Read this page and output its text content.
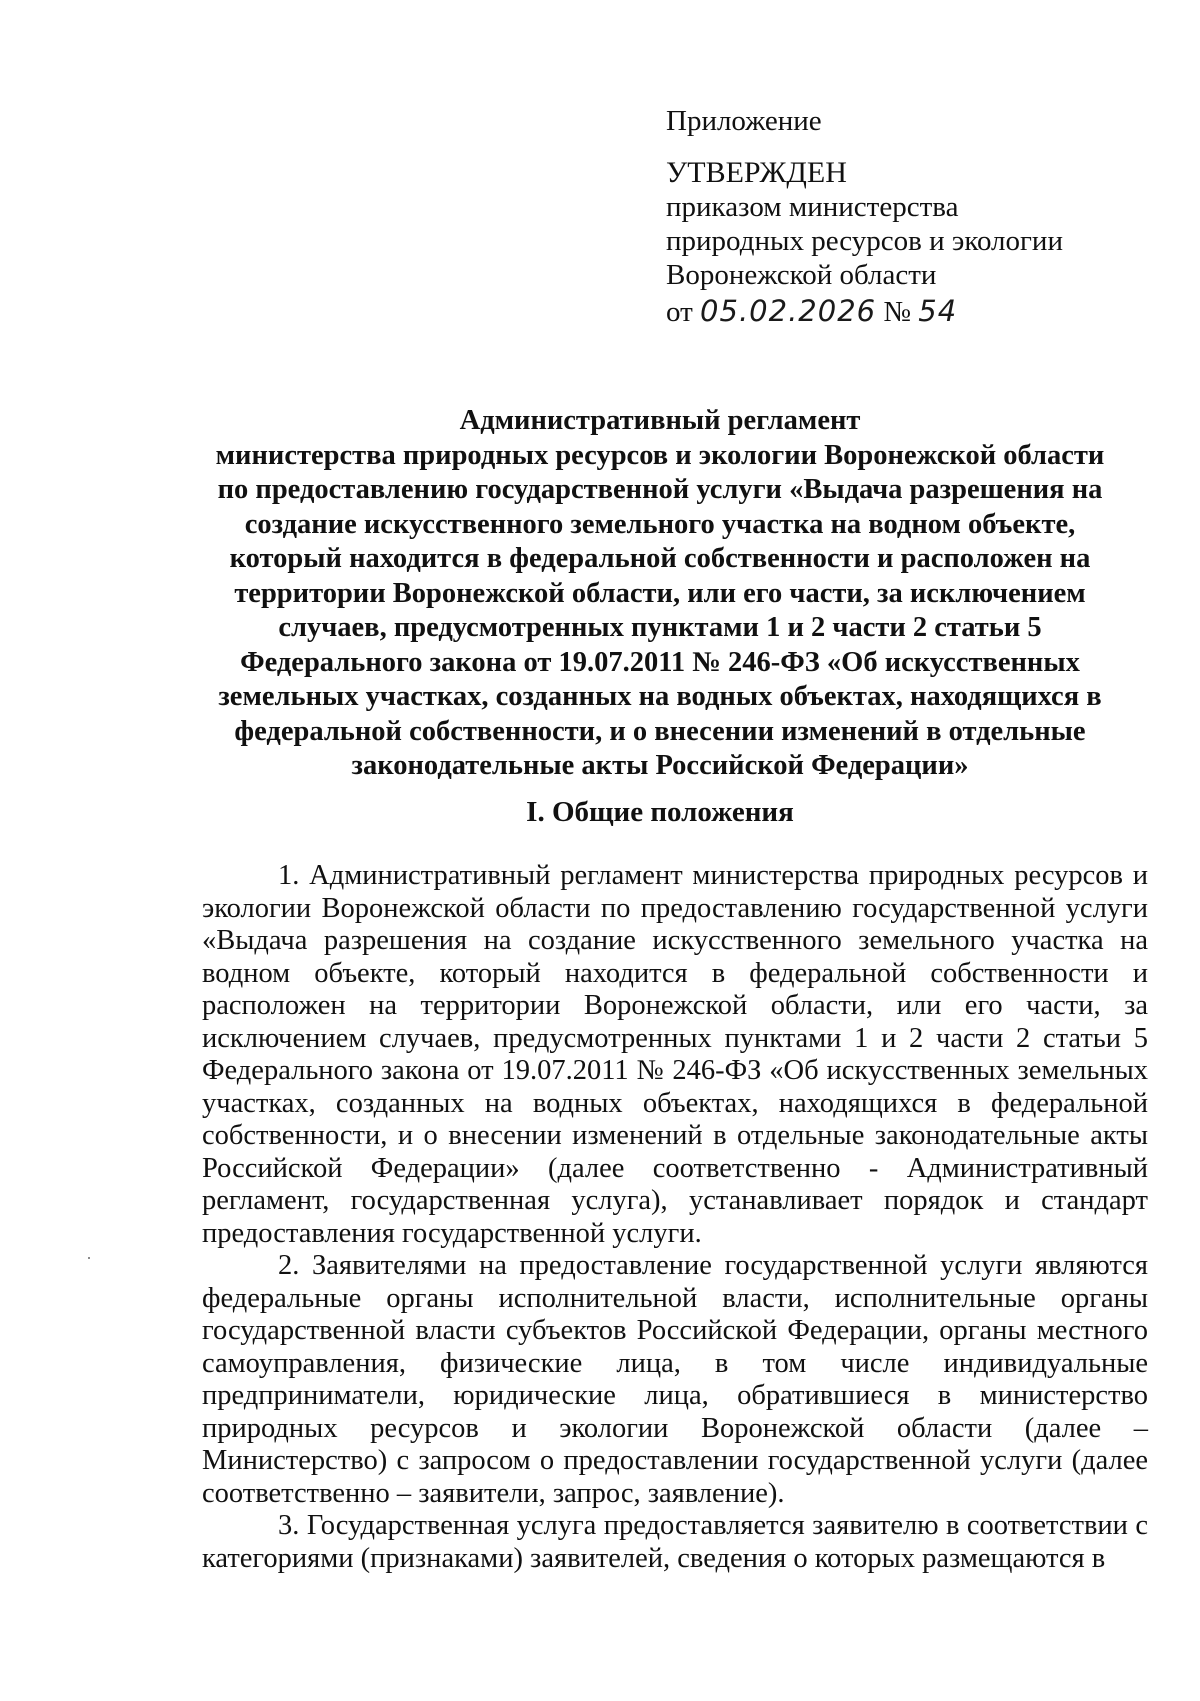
Приложение
УТВЕРЖДЕН
приказом министерства
природных ресурсов и экологии
Воронежской области
от 05.02.2026 № 54
Административный регламент
министерства природных ресурсов и экологии Воронежской области
по предоставлению государственной услуги «Выдача разрешения на
создание искусственного земельного участка на водном объекте,
который находится в федеральной собственности и расположен на
территории Воронежской области, или его части, за исключением
случаев, предусмотренных пунктами 1 и 2 части 2 статьи 5
Федерального закона от 19.07.2011 № 246-ФЗ «Об искусственных
земельных участках, созданных на водных объектах, находящихся в
федеральной собственности, и о внесении изменений в отдельные
законодательные акты Российской Федерации»
I. Общие положения

1. Административный регламент министерства природных ресурсов и экологии Воронежской области по предоставлению государственной услуги «Выдача разрешения на создание искусственного земельного участка на водном объекте, который находится в федеральной собственности и расположен на территории Воронежской области, или его части, за исключением случаев, предусмотренных пунктами 1 и 2 части 2 статьи 5 Федерального закона от 19.07.2011 № 246-ФЗ «Об искусственных земельных участках, созданных на водных объектах, находящихся в федеральной собственности, и о внесении изменений в отдельные законодательные акты Российской Федерации» (далее соответственно - Административный регламент, государственная услуга), устанавливает порядок и стандарт предоставления государственной услуги.

2. Заявителями на предоставление государственной услуги являются федеральные органы исполнительной власти, исполнительные органы государственной власти субъектов Российской Федерации, органы местного самоуправления, физические лица, в том числе индивидуальные предприниматели, юридические лица, обратившиеся в министерство природных ресурсов и экологии Воронежской области (далее – Министерство) с запросом о предоставлении государственной услуги (далее соответственно – заявители, запрос, заявление).

3. Государственная услуга предоставляется заявителю в соответствии с категориями (признаками) заявителей, сведения о которых размещаются в
